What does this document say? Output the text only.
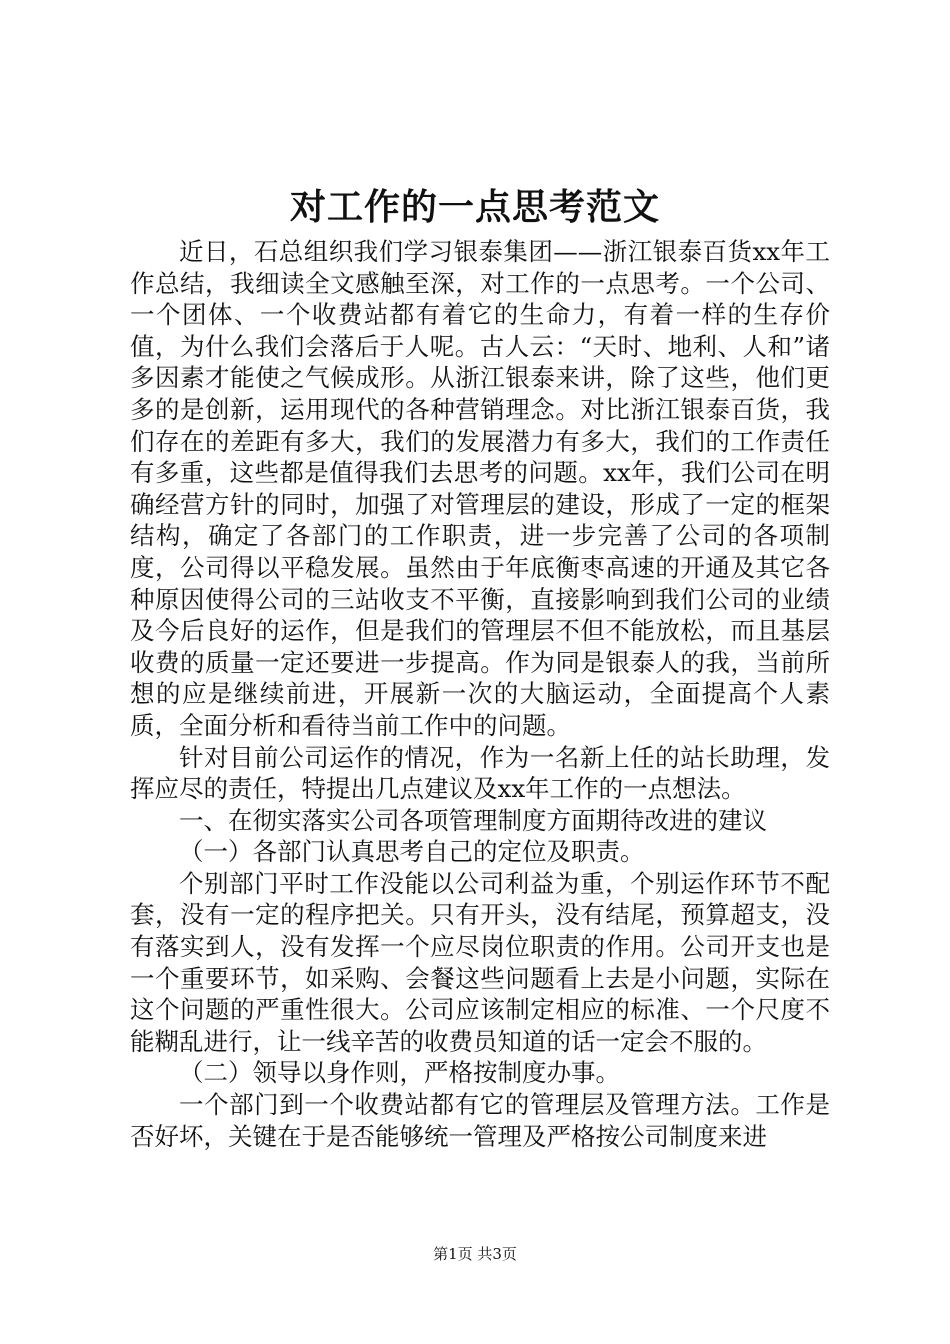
对工作的一点思考范文

近日，石总组织我们学习银泰集团——浙江银泰百货xx年工作总结，我细读全文感触至深，对工作的一点思考。一个公司、一个团体、一个收费站都有着它的生命力，有着一样的生存价值，为什么我们会落后于人呢。古人云：“天时、地利、人和”诸多因素才能使之气候成形。从浙江银泰来讲，除了这些，他们更多的是创新，运用现代的各种营销理念。对比浙江银泰百货，我们存在的差距有多大，我们的发展潜力有多大，我们的工作责任有多重，这些都是值得我们去思考的问题。xx年，我们公司在明确经营方针的同时，加强了对管理层的建设，形成了一定的框架结构，确定了各部门的工作职责，进一步完善了公司的各项制度，公司得以平稳发展。虽然由于年底衡枣高速的开通及其它各种原因使得公司的三站收支不平衡，直接影响到我们公司的业绩及今后良好的运作，但是我们的管理层不但不能放松，而且基层收费的质量一定还要进一步提高。作为同是银泰人的我，当前所想的应是继续前进，开展新一次的大脑运动，全面提高个人素质，全面分析和看待当前工作中的问题。

针对目前公司运作的情况，作为一名新上任的站长助理，发挥应尽的责任，特提出几点建议及xx年工作的一点想法。

一、在彻实落实公司各项管理制度方面期待改进的建议

（一）各部门认真思考自己的定位及职责。

个别部门平时工作没能以公司利益为重，个别运作环节不配套，没有一定的程序把关。只有开头，没有结尾，预算超支，没有落实到人，没有发挥一个应尽岗位职责的作用。公司开支也是一个重要环节，如采购、会餐这些问题看上去是小问题，实际在这个问题的严重性很大。公司应该制定相应的标准、一个尺度不能糊乱进行，让一线辛苦的收费员知道的话一定会不服的。

（二）领导以身作则，严格按制度办事。

一个部门到一个收费站都有它的管理层及管理方法。工作是否好坏，关键在于是否能够统一管理及严格按公司制度来进

第1页 共3页
